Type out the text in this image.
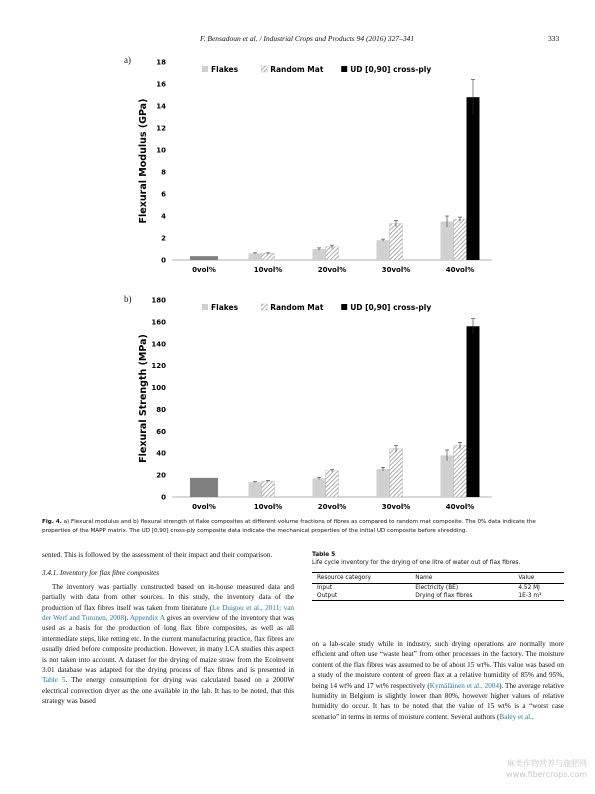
F. Bensadoun et al. / Industrial Crops and Products 94 (2016) 327–341	333
a)
b)
0
2
4
6
8
10
12
14
16
18
Flexural Modulus (GPa)
0vol%	10vol%	20vol%	30vol%	40vol%
Flakes	Random Mat	UD [0,90] cross-ply
0
20
40
60
80
100
120
140
160
180
Flexural Strength (MPa)
0vol%	10vol%	20vol%	30vol%	40vol%
Flakes	Random Mat	UD [0,90] cross-ply
Fig. 4. a) Flexural modulus and b) flexural strength of flake composites at different volume fractions of fibres as compared to random mat composite. The 0% data indicate the properties of the MAPP matrix. The UD [0,90] cross-ply composite data indicate the mechanical properties of the initial UD composite before shredding.

sented. This is followed by the assessment of their impact and their comparison.

3.4.1. Inventory for flax fibre composites

The inventory was partially constructed based on in-house measured data and partially with data from other sources. In this study, the inventory data of the production of flax fibres itself was taken from literature (Le Duigou et al., 2011; van der Werf and Turunen, 2008). Appendix A gives an overview of the inventory that was used as a basis for the production of long flax fibre composites, as well as all intermediate steps, like retting etc. In the current manufacturing practice, flax fibres are usually dried before composite production. However, in many LCA studies this aspect is not taken into account. A dataset for the drying of maize straw from the Ecoinvent 3.01 database was adapted for the drying process of flax fibres and is presented in Table 5. The energy consumption for drying was calculated based on a 2000W electrical convection dryer as the one available in the lab. It has to be noted, that this strategy was based

Table 5
Life cycle inventory for the drying of one litre of water out of flax fibres.
Resource category	Name	Value
Input	Electricity (BE)	4.52 MJ
Output	Drying of flax fibres	1E-3 m³

on a lab-scale study while in industry, such drying operations are normally more efficient and often use “waste heat” from other processes in the factory. The moisture content of the flax fibres was assumed to be of about 15 wt%. This value was based on a study of the moisture content of green flax at a relative humidity of 85% and 95%, being 14 wt% and 17 wt% respectively (Kymäläinen et al., 2004). The average relative humidity in Belgium is slightly lower than 80%, however higher values of relative humidity do occur. It has to be noted that the value of 15 wt% is a “worst case scenario” in terms in terms of moisture content. Several authors (Baley et al.,

麻类作物营养与施肥网
www.fibercrops.com
